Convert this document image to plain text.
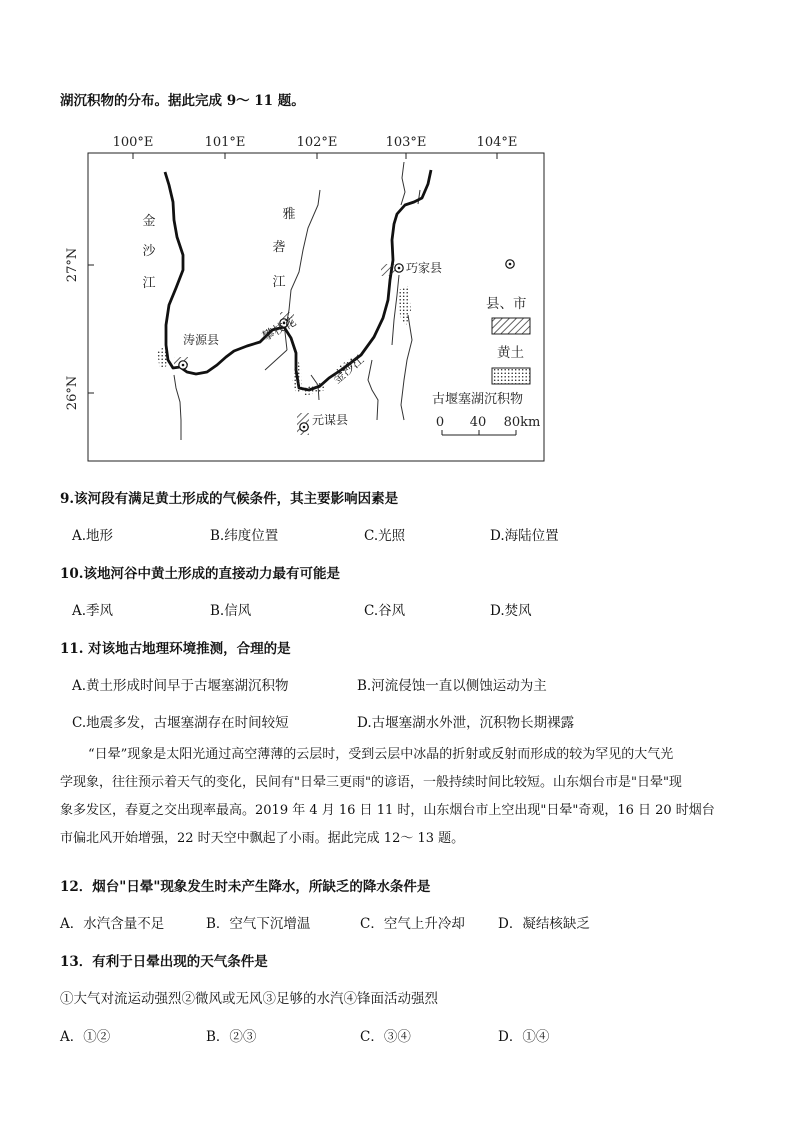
湖沉积物的分布。据此完成 9～ 11 题。
100°E	101°E	102°E	103°E	104°E
27°N
26°N
金
沙
江
雅
砻
江
金沙江
涛源县	攀枝花
巧家县
元谋县
县、市
黄土
古堰塞湖沉积物
0 40 80km
9.该河段有满足黄土形成的气候条件，其主要影响因素是
A.地形	B.纬度位置	C.光照	D.海陆位置
10.该地河谷中黄土形成的直接动力最有可能是
A.季风	B.信风	C.谷风	D.焚风
11. 对该地古地理环境推测，合理的是
A.黄土形成时间早于古堰塞湖沉积物	B.河流侵蚀一直以侧蚀运动为主
C.地震多发，古堰塞湖存在时间较短	D.古堰塞湖水外泄，沉积物长期裸露
“日晕”现象是太阳光通过高空薄薄的云层时，受到云层中冰晶的折射或反射而形成的较为罕见的大气光
学现象，往往预示着天气的变化，民间有"日晕三更雨"的谚语，一般持续时间比较短。山东烟台市是"日晕"现
象多发区，春夏之交出现率最高。2019 年 4 月 16 日 11 时，山东烟台市上空出现"日晕"奇观，16 日 20 时烟台
市偏北风开始增强，22 时天空中飘起了小雨。据此完成 12～ 13 题。
12．烟台"日晕"现象发生时未产生降水，所缺乏的降水条件是
A．水汽含量不足	B．空气下沉增温	C．空气上升冷却 D．凝结核缺乏
13．有利于日晕出现的天气条件是
①大气对流运动强烈②微风或无风③足够的水汽④锋面活动强烈
A．①②	B．②③	C．③④	D．①④
